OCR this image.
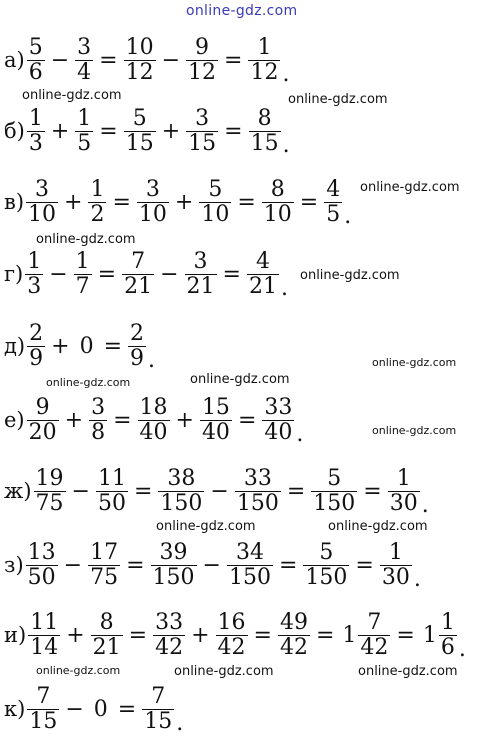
online-gdz.com
online-gdz.com	online-gdz.com
online-gdz.com
online-gdz.com
online-gdz.com
online-gdz.com
online-gdz.com	online-gdz.com
online-gdz.com
online-gdz.com	online-gdz.com
online-gdz.com	online-gdz.com	online-gdz.com
$а) \frac{5}{6} - \frac{3}{4} = \frac{10}{12} - \frac{9}{12} = \frac{1}{12}$ .
$б) \frac{1}{3} + \frac{1}{5} = \frac{5}{15} + \frac{3}{15} = \frac{8}{15}$ .
$в) \frac{3}{10} + \frac{1}{2} = \frac{3}{10} + \frac{5}{10} = \frac{8}{10} = \frac{4}{5}$ .
$г) \frac{1}{3} - \frac{1}{7} = \frac{7}{21} - \frac{3}{21} = \frac{4}{21}$ .
$д) \frac{2}{9} + 0 = \frac{2}{9}$ .
$е) \frac{9}{20} + \frac{3}{8} = \frac{18}{40} + \frac{15}{40} = \frac{33}{40}$ .
$ж) \frac{19}{75} - \frac{11}{50} = \frac{38}{150} - \frac{33}{150} = \frac{5}{150} = \frac{1}{30}$ .
$з) \frac{13}{50} - \frac{17}{75} = \frac{39}{150} - \frac{34}{150} = \frac{5}{150} = \frac{1}{30}$ .
$и) \frac{11}{14} + \frac{8}{21} = \frac{33}{42} + \frac{16}{42} = \frac{49}{42} = 1 \frac{7}{42} = 1 \frac{1}{6}$ .
$к) \frac{7}{15} - 0 = \frac{7}{15}$ .
